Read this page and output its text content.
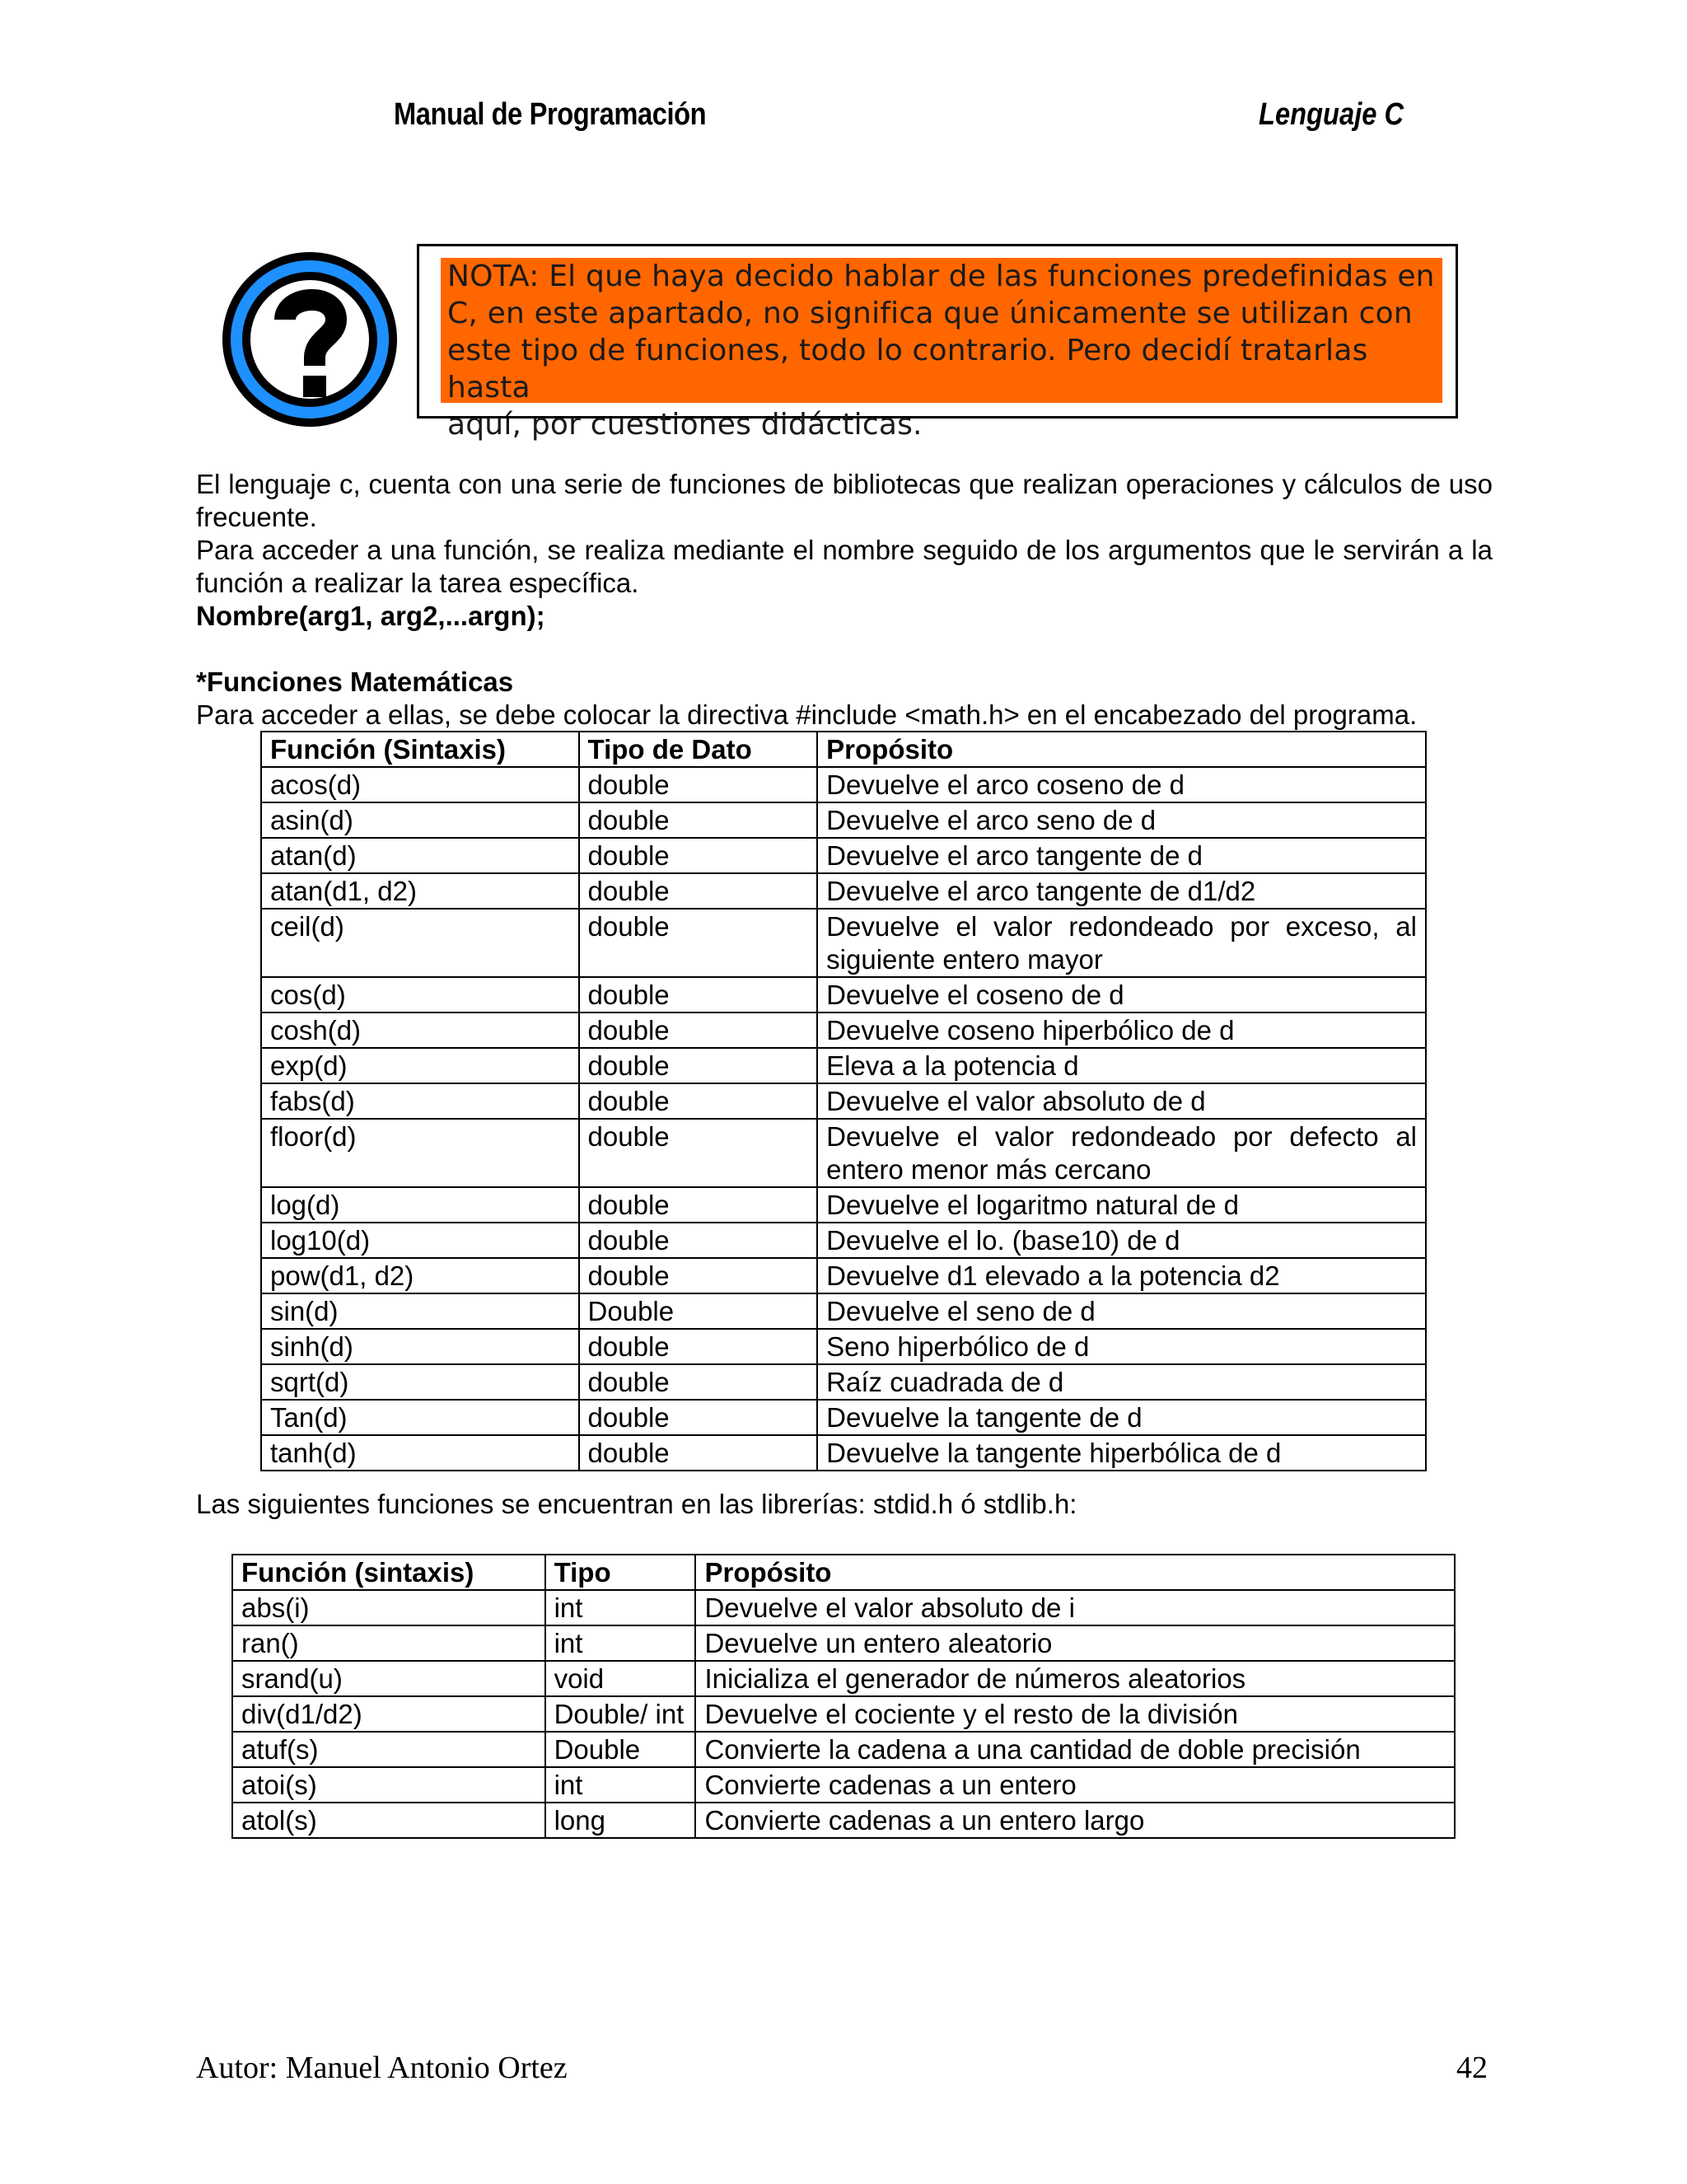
Manual de Programación	Lenguaje C
NOTA: El que haya decido hablar de las funciones predefinidas en
C, en este apartado, no significa que únicamente se utilizan con
este tipo de funciones, todo lo contrario. Pero decidí tratarlas hasta
aquí, por cuestiones didácticas.
El lenguaje c, cuenta con una serie de funciones de bibliotecas que realizan operaciones y cálculos de uso frecuente.
Para acceder a una función, se realiza mediante el nombre seguido de los argumentos que le servirán a la función a realizar la tarea específica.
Nombre(arg1, arg2,...argn);
*Funciones Matemáticas
Para acceder a ellas, se debe colocar la directiva #include <math.h> en el encabezado del programa.
Función (Sintaxis)	Tipo de Dato	Propósito
acos(d)	double	Devuelve el arco coseno de d
asin(d)	double	Devuelve el arco seno de d
atan(d)	double	Devuelve el arco tangente de d
atan(d1, d2)	double	Devuelve el arco tangente de d1/d2
ceil(d)	double	Devuelve el valor redondeado por exceso, al siguiente entero mayor
cos(d)	double	Devuelve el coseno de d
cosh(d)	double	Devuelve coseno hiperbólico de d
exp(d)	double	Eleva a la potencia d
fabs(d)	double	Devuelve el valor absoluto de d
floor(d)	double	Devuelve el valor redondeado por defecto al entero menor más cercano
log(d)	double	Devuelve el logaritmo natural de d
log10(d)	double	Devuelve el lo. (base10) de d
pow(d1, d2)	double	Devuelve d1 elevado a la potencia d2
sin(d)	Double	Devuelve el seno de d
sinh(d)	double	Seno hiperbólico de d
sqrt(d)	double	Raíz cuadrada de d
Tan(d)	double	Devuelve la tangente de d
tanh(d)	double	Devuelve la tangente hiperbólica de d
Las siguientes funciones se encuentran en las librerías: stdid.h ó stdlib.h:
Función (sintaxis)	Tipo	Propósito
abs(i)	int	Devuelve el valor absoluto de i
ran()	int	Devuelve un entero aleatorio
srand(u)	void	Inicializa el generador de números aleatorios
div(d1/d2)	Double/ int	Devuelve el cociente y el resto de la división
atuf(s)	Double	Convierte la cadena a una cantidad de doble precisión
atoi(s)	int	Convierte cadenas a un entero
atol(s)	long	Convierte cadenas a un entero largo
Autor: Manuel Antonio Ortez	42
